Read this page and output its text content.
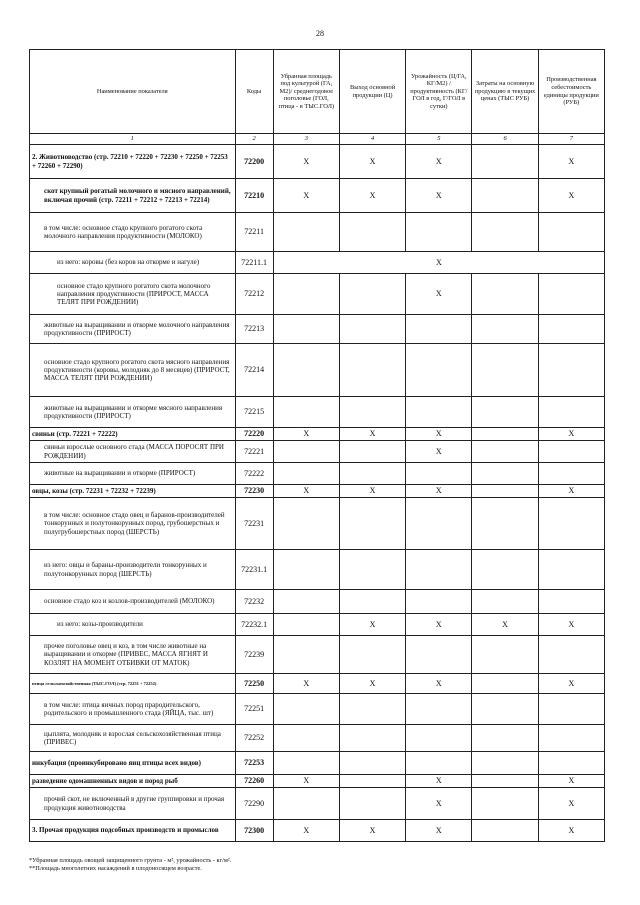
28
Наименование показателя	Коды	Убранная площадь под культурой (ГА, М2)/ среднегодовое поголовье (ГОЛ, птица - в ТЫС.ГОЛ)	Выход основной продукции (Ц)	Урожайность (Ц/ГА, КГ/М2) / продуктивность (КГ/ГОЛ в год, Г/ГОЛ в сутки)	Затраты на основную продукцию в текущих ценах (ТЫС РУБ)	Производственная себестоимость единицы продукции (РУБ)
1	2	3	4	5	6	7
2. Животноводство (стр. 72210 + 72220 + 72230 + 72250 + 72253 + 72260 + 72290)	72200	X	X	X		X
скот крупный рогатый молочного и мясного направлений, включая прочий (стр. 72211 + 72212 + 72213 + 72214)	72210	X	X	X		X
в том числе: основное стадо крупного рогатого скота молочного направления продуктивности (МОЛОКО)	72211					
из него: коровы (без коров на откорме и нагуле)	72211.1	X				
основное стадо крупного рогатого скота молочного направления продуктивности (ПРИРОСТ, МАССА ТЕЛЯТ ПРИ РОЖДЕНИИ)	72212			X		
животные на выращивании и откорме молочного направления продуктивности (ПРИРОСТ)	72213					
основное стадо крупного рогатого скота мясного направления продуктивности (коровы, молодняк до 8 месяцев) (ПРИРОСТ, МАССА ТЕЛЯТ ПРИ РОЖДЕНИИ)	72214					
животные на выращивании и откорме мясного направления продуктивности (ПРИРОСТ)	72215					
свиньи (стр. 72221 + 72222)	72220	X	X	X		X
свиньи взрослые основного стада (МАССА ПОРОСЯТ ПРИ РОЖДЕНИИ)	72221			X		
животные на выращивании и откорме (ПРИРОСТ)	72222					
овцы, козы (стр. 72231 + 72232 + 72239)	72230	X	X	X		X
в том числе: основное стадо овец и баранов-производителей тонкорунных и полутонкорунных пород, грубошерстных и полугрубошерстных пород (ШЕРСТЬ)	72231					
из него: овцы и бараны-производители тонкорунных и полутонкорунных пород (ШЕРСТЬ)	72231.1					
основное стадо коз и козлов-производителей (МОЛОКО)	72232					
из него: козы-производители	72232.1		X	X	X	X
прочее поголовье овец и коз, в том числе животные на выращивании и откорме (ПРИВЕС, МАССА ЯГНЯТ И КОЗЛЯТ НА МОМЕНТ ОТБИВКИ ОТ МАТОК)	72239					
птица сельскохозяйственная (ТЫС.ГОЛ) (стр. 72251 + 72252)	72250	X	X	X		X
в том числе: птица яичных пород прародительского, родительского и промышленного стада (ЯЙЦА, тыс. шт)	72251					
цыплята, молодняк и взрослая сельскохозяйственная птица (ПРИВЕС)	72252					
инкубация (проинкубировано яиц птицы всех видов)	72253					
разведение одомашненных видов и пород рыб	72260	X		X		X
прочий скот, не включенный в другие группировки и прочая продукция животноводства	72290			X		X
3. Прочая продукция подсобных производств и промыслов	72300	X	X	X		X
*Убранная площадь овощей защищенного грунта - м², урожайность - кг/м².
**Площадь многолетних насаждений в плодоносящем возрасте.
